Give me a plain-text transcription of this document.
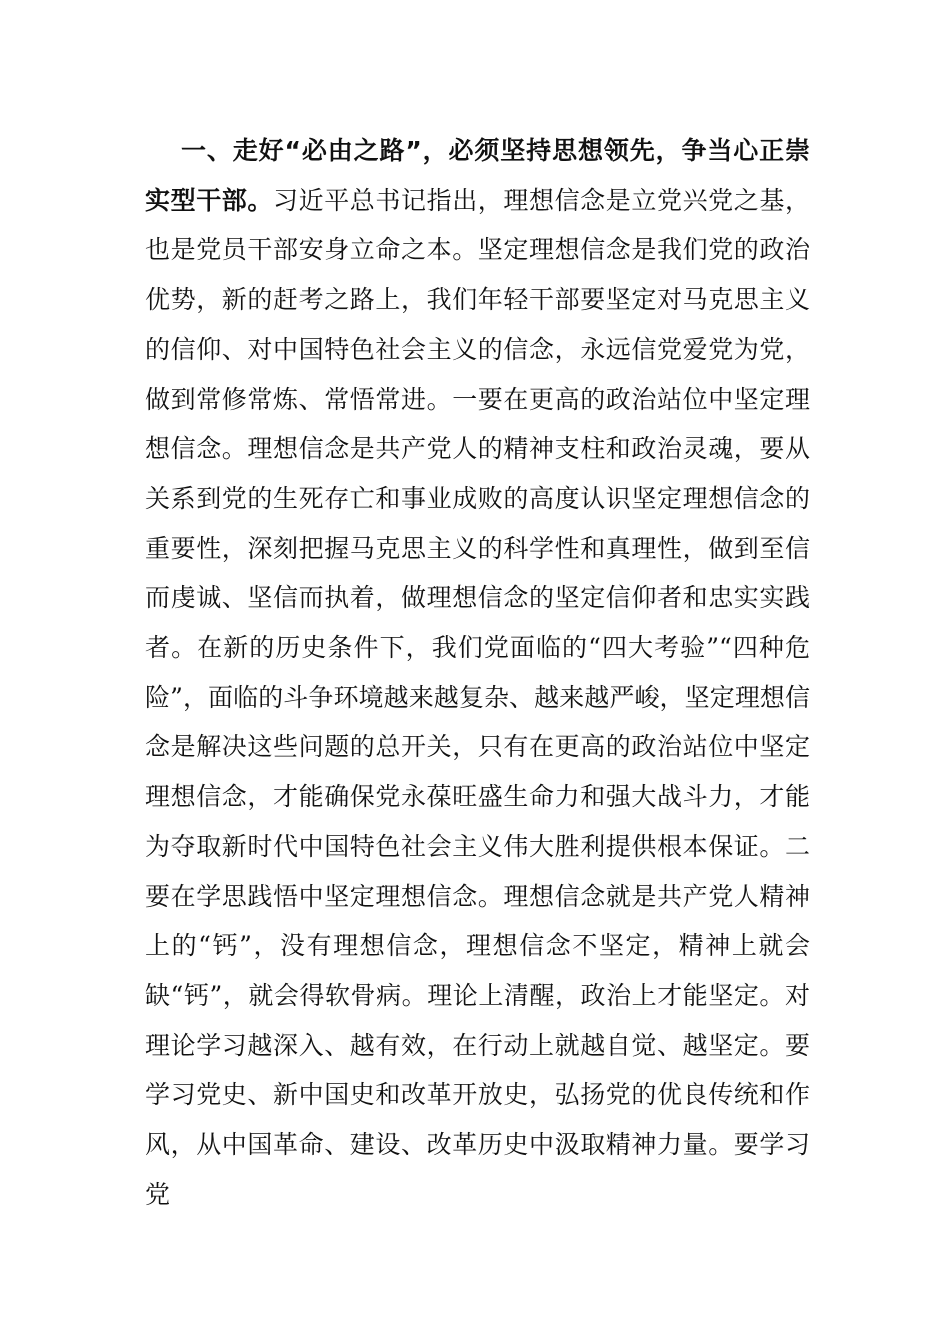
一、走好“必由之路”，必须坚持思想领先，争当心正崇实型干部。习近平总书记指出，理想信念是立党兴党之基，也是党员干部安身立命之本。坚定理想信念是我们党的政治优势，新的赶考之路上，我们年轻干部要坚定对马克思主义的信仰、对中国特色社会主义的信念，永远信党爱党为党，做到常修常炼、常悟常进。一要在更高的政治站位中坚定理想信念。理想信念是共产党人的精神支柱和政治灵魂，要从关系到党的生死存亡和事业成败的高度认识坚定理想信念的重要性，深刻把握马克思主义的科学性和真理性，做到至信而虔诚、坚信而执着，做理想信念的坚定信仰者和忠实实践者。在新的历史条件下，我们党面临的“四大考验”“四种危险”，面临的斗争环境越来越复杂、越来越严峻，坚定理想信念是解决这些问题的总开关，只有在更高的政治站位中坚定理想信念，才能确保党永葆旺盛生命力和强大战斗力，才能为夺取新时代中国特色社会主义伟大胜利提供根本保证。二要在学思践悟中坚定理想信念。理想信念就是共产党人精神上的“钙”，没有理想信念，理想信念不坚定，精神上就会缺“钙”，就会得软骨病。理论上清醒，政治上才能坚定。对理论学习越深入、越有效，在行动上就越自觉、越坚定。要学习党史、新中国史和改革开放史，弘扬党的优良传统和作风，从中国革命、建设、改革历史中汲取精神力量。要学习党
